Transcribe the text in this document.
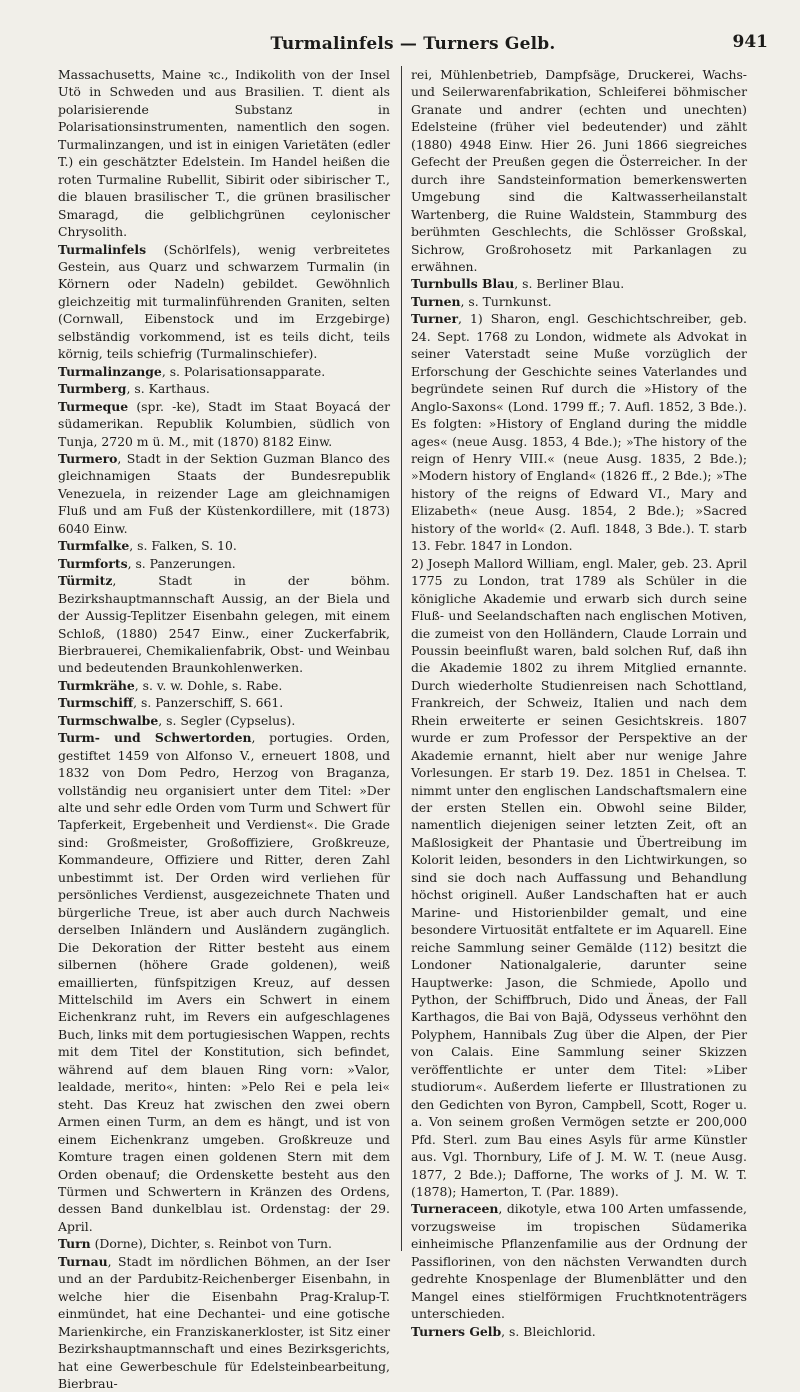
Turmalinfels — Turners Gelb.	941

Massachusetts, Maine ꝛc., Indikolith von der Insel Utö in Schweden und aus Brasilien. T. dient als polarisierende Substanz in Polarisationsinstrumenten, namentlich den sogen. Turmalinzangen, und ist in einigen Varietäten (edler T.) ein geschätzter Edelstein. Im Handel heißen die roten Turmaline Rubellit, Sibirit oder sibirischer T., die blauen brasilischer T., die grünen brasilischer Smaragd, die gelblichgrünen ceylonischer Chrysolith.

Turmalinfels (Schörlfels), wenig verbreitetes Gestein, aus Quarz und schwarzem Turmalin (in Körnern oder Nadeln) gebildet. Gewöhnlich gleichzeitig mit turmalinführenden Graniten, selten (Cornwall, Eibenstock und im Erzgebirge) selbständig vorkommend, ist es teils dicht, teils körnig, teils schiefrig (Turmalinschiefer).

Turmalinzange, s. Polarisationsapparate.

Turmberg, s. Karthaus.

Turmeque (spr. -ke), Stadt im Staat Boyacá der südamerikan. Republik Kolumbien, südlich von Tunja, 2720 m ü. M., mit (1870) 8182 Einw.

Turmero, Stadt in der Sektion Guzman Blanco des gleichnamigen Staats der Bundesrepublik Venezuela, in reizender Lage am gleichnamigen Fluß und am Fuß der Küstenkordillere, mit (1873) 6040 Einw.

Turmfalke, s. Falken, S. 10.

Turmforts, s. Panzerungen.

Türmitz, Stadt in der böhm. Bezirkshauptmannschaft Aussig, an der Biela und der Aussig-Teplitzer Eisenbahn gelegen, mit einem Schloß, (1880) 2547 Einw., einer Zuckerfabrik, Bierbrauerei, Chemikalienfabrik, Obst- und Weinbau und bedeutenden Braunkohlenwerken.

Turmkrähe, s. v. w. Dohle, s. Rabe.

Turmschiff, s. Panzerschiff, S. 661.

Turmschwalbe, s. Segler (Cypselus).

Turm- und Schwertorden, portugies. Orden, gestiftet 1459 von Alfonso V., erneuert 1808, und 1832 von Dom Pedro, Herzog von Braganza, vollständig neu organisiert unter dem Titel: »Der alte und sehr edle Orden vom Turm und Schwert für Tapferkeit, Ergebenheit und Verdienst«. Die Grade sind: Großmeister, Großoffiziere, Großkreuze, Kommandeure, Offiziere und Ritter, deren Zahl unbestimmt ist. Der Orden wird verliehen für persönliches Verdienst, ausgezeichnete Thaten und bürgerliche Treue, ist aber auch durch Nachweis derselben Inländern und Ausländern zugänglich. Die Dekoration der Ritter besteht aus einem silbernen (höhere Grade goldenen), weiß emaillierten, fünfspitzigen Kreuz, auf dessen Mittelschild im Avers ein Schwert in einem Eichenkranz ruht, im Revers ein aufgeschlagenes Buch, links mit dem portugiesischen Wappen, rechts mit dem Titel der Konstitution, sich befindet, während auf dem blauen Ring vorn: »Valor, lealdade, merito«, hinten: »Pelo Rei e pela lei« steht. Das Kreuz hat zwischen den zwei obern Armen einen Turm, an dem es hängt, und ist von einem Eichenkranz umgeben. Großkreuze und Komture tragen einen goldenen Stern mit dem Orden obenauf; die Ordenskette besteht aus den Türmen und Schwertern in Kränzen des Ordens, dessen Band dunkelblau ist. Ordenstag: der 29. April.

Turn (Dorne), Dichter, s. Reinbot von Turn.

Turnau, Stadt im nördlichen Böhmen, an der Iser und an der Pardubitz-Reichenberger Eisenbahn, in welche hier die Eisenbahn Prag-Kralup-T. einmündet, hat eine Dechantei- und eine gotische Marienkirche, ein Franziskanerkloster, ist Sitz einer Bezirkshauptmannschaft und eines Bezirksgerichts, hat eine Gewerbeschule für Edelsteinbearbeitung, Bierbrau-

rei, Mühlenbetrieb, Dampfsäge, Druckerei, Wachs- und Seilerwarenfabrikation, Schleiferei böhmischer Granate und andrer (echten und unechten) Edelsteine (früher viel bedeutender) und zählt (1880) 4948 Einw. Hier 26. Juni 1866 siegreiches Gefecht der Preußen gegen die Österreicher. In der durch ihre Sandsteinformation bemerkenswerten Umgebung sind die Kaltwasserheilanstalt Wartenberg, die Ruine Waldstein, Stammburg des berühmten Geschlechts, die Schlösser Großskal, Sichrow, Großrohosetz mit Parkanlagen zu erwähnen.

Turnbulls Blau, s. Berliner Blau.

Turnen, s. Turnkunst.

Turner, 1) Sharon, engl. Geschichtschreiber, geb. 24. Sept. 1768 zu London, widmete als Advokat in seiner Vaterstadt seine Muße vorzüglich der Erforschung der Geschichte seines Vaterlandes und begründete seinen Ruf durch die »History of the Anglo-Saxons« (Lond. 1799 ff.; 7. Aufl. 1852, 3 Bde.). Es folgten: »History of England during the middle ages« (neue Ausg. 1853, 4 Bde.); »The history of the reign of Henry VIII.« (neue Ausg. 1835, 2 Bde.); »Modern history of England« (1826 ff., 2 Bde.); »The history of the reigns of Edward VI., Mary and Elizabeth« (neue Ausg. 1854, 2 Bde.); »Sacred history of the world« (2. Aufl. 1848, 3 Bde.). T. starb 13. Febr. 1847 in London.

2) Joseph Mallord William, engl. Maler, geb. 23. April 1775 zu London, trat 1789 als Schüler in die königliche Akademie und erwarb sich durch seine Fluß- und Seelandschaften nach englischen Motiven, die zumeist von den Holländern, Claude Lorrain und Poussin beeinflußt waren, bald solchen Ruf, daß ihn die Akademie 1802 zu ihrem Mitglied ernannte. Durch wiederholte Studienreisen nach Schottland, Frankreich, der Schweiz, Italien und nach dem Rhein erweiterte er seinen Gesichtskreis. 1807 wurde er zum Professor der Perspektive an der Akademie ernannt, hielt aber nur wenige Jahre Vorlesungen. Er starb 19. Dez. 1851 in Chelsea. T. nimmt unter den englischen Landschaftsmalern eine der ersten Stellen ein. Obwohl seine Bilder, namentlich diejenigen seiner letzten Zeit, oft an Maßlosigkeit der Phantasie und Übertreibung im Kolorit leiden, besonders in den Lichtwirkungen, so sind sie doch nach Auffassung und Behandlung höchst originell. Außer Landschaften hat er auch Marine- und Historienbilder gemalt, und eine besondere Virtuosität entfaltete er im Aquarell. Eine reiche Sammlung seiner Gemälde (112) besitzt die Londoner Nationalgalerie, darunter seine Hauptwerke: Jason, die Schmiede, Apollo und Python, der Schiffbruch, Dido und Äneas, der Fall Karthagos, die Bai von Bajä, Odysseus verhöhnt den Polyphem, Hannibals Zug über die Alpen, der Pier von Calais. Eine Sammlung seiner Skizzen veröffentlichte er unter dem Titel: »Liber studiorum«. Außerdem lieferte er Illustrationen zu den Gedichten von Byron, Campbell, Scott, Roger u. a. Von seinem großen Vermögen setzte er 200,000 Pfd. Sterl. zum Bau eines Asyls für arme Künstler aus. Vgl. Thornbury, Life of J. M. W. T. (neue Ausg. 1877, 2 Bde.); Dafforne, The works of J. M. W. T. (1878); Hamerton, T. (Par. 1889).

Turneraceen, dikotyle, etwa 100 Arten umfassende, vorzugsweise im tropischen Südamerika einheimische Pflanzenfamilie aus der Ordnung der Passiflorinen, von den nächsten Verwandten durch gedrehte Knospenlage der Blumenblätter und den Mangel eines stielförmigen Fruchtknotenträgers unterschieden.

Turners Gelb, s. Bleichlorid.
